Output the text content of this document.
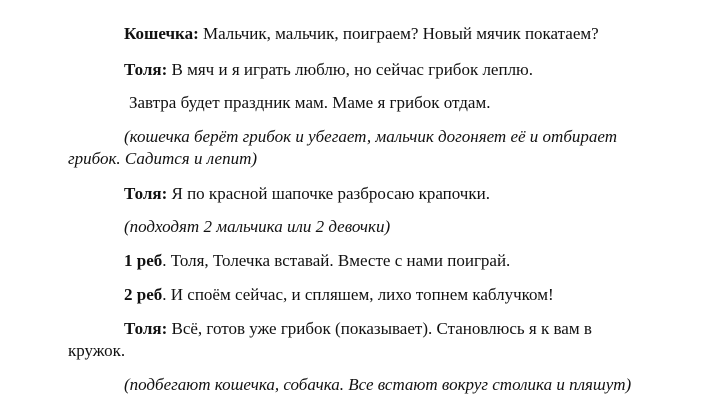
Кошечка: Мальчик, мальчик, поиграем? Новый мячик покатаем?
Толя: В мяч и я играть люблю, но сейчас грибок леплю.
Завтра будет праздник мам. Маме я грибок отдам.
(кошечка берёт грибок и убегает, мальчик догоняет её и отбирает
грибок. Садится и лепит)
Толя: Я по красной шапочке разбросаю крапочки.
(подходят 2 мальчика или 2 девочки)
1 реб. Толя, Толечка вставай. Вместе с нами поиграй.
2 реб. И споём сейчас, и спляшем, лихо топнем каблучком!
Толя: Всё, готов уже грибок (показывает). Становлюсь я к вам в
кружок.
(подбегают кошечка, собачка. Все встают вокруг столика и пляшут)
